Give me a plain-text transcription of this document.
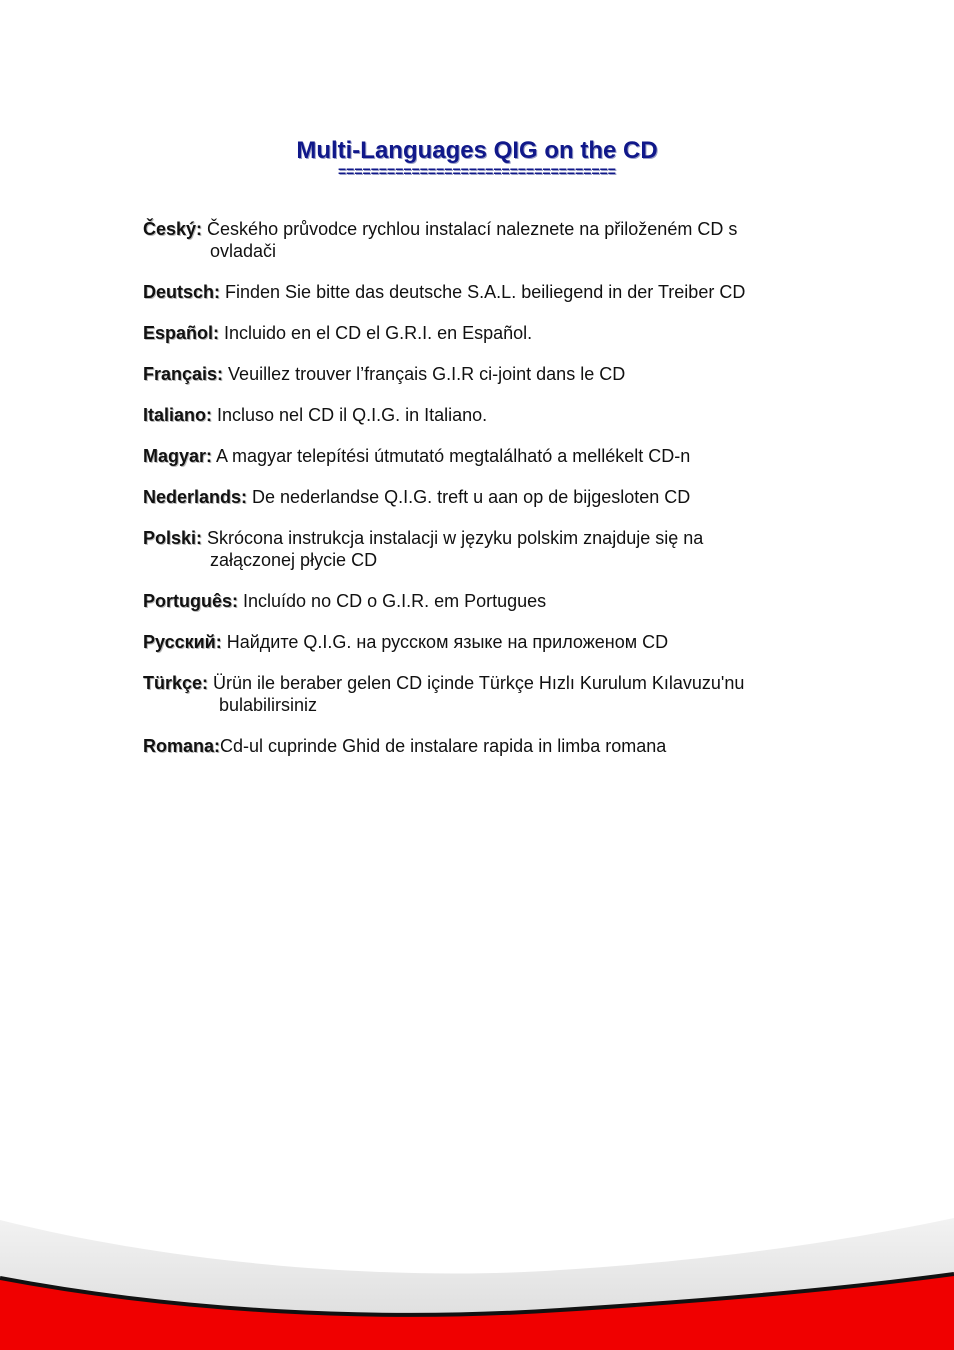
Multi-Languages QIG on the CD
==================================
Český: Českého průvodce rychlou instalací naleznete na přiloženém CD s
ovladači
Deutsch: Finden Sie bitte das deutsche S.A.L. beiliegend in der Treiber CD
Español: Incluido en el CD el G.R.I. en Español.
Français: Veuillez trouver l’français G.I.R ci-joint dans le CD
Italiano: Incluso nel CD il Q.I.G. in Italiano.
Magyar: A magyar telepítési útmutató megtalálható a mellékelt CD-n
Nederlands: De nederlandse Q.I.G. treft u aan op de bijgesloten CD
Polski: Skrócona instrukcja instalacji w języku polskim znajduje się na
załączonej płycie CD
Português: Incluído no CD o G.I.R. em Portugues
Русский: Найдите Q.I.G. на русском языке на приложеном CD
Türkçe: Ürün ile beraber gelen CD içinde Türkçe Hızlı Kurulum Kılavuzu'nu
bulabilirsiniz
Romana:Cd-ul cuprinde Ghid de instalare rapida in limba romana
